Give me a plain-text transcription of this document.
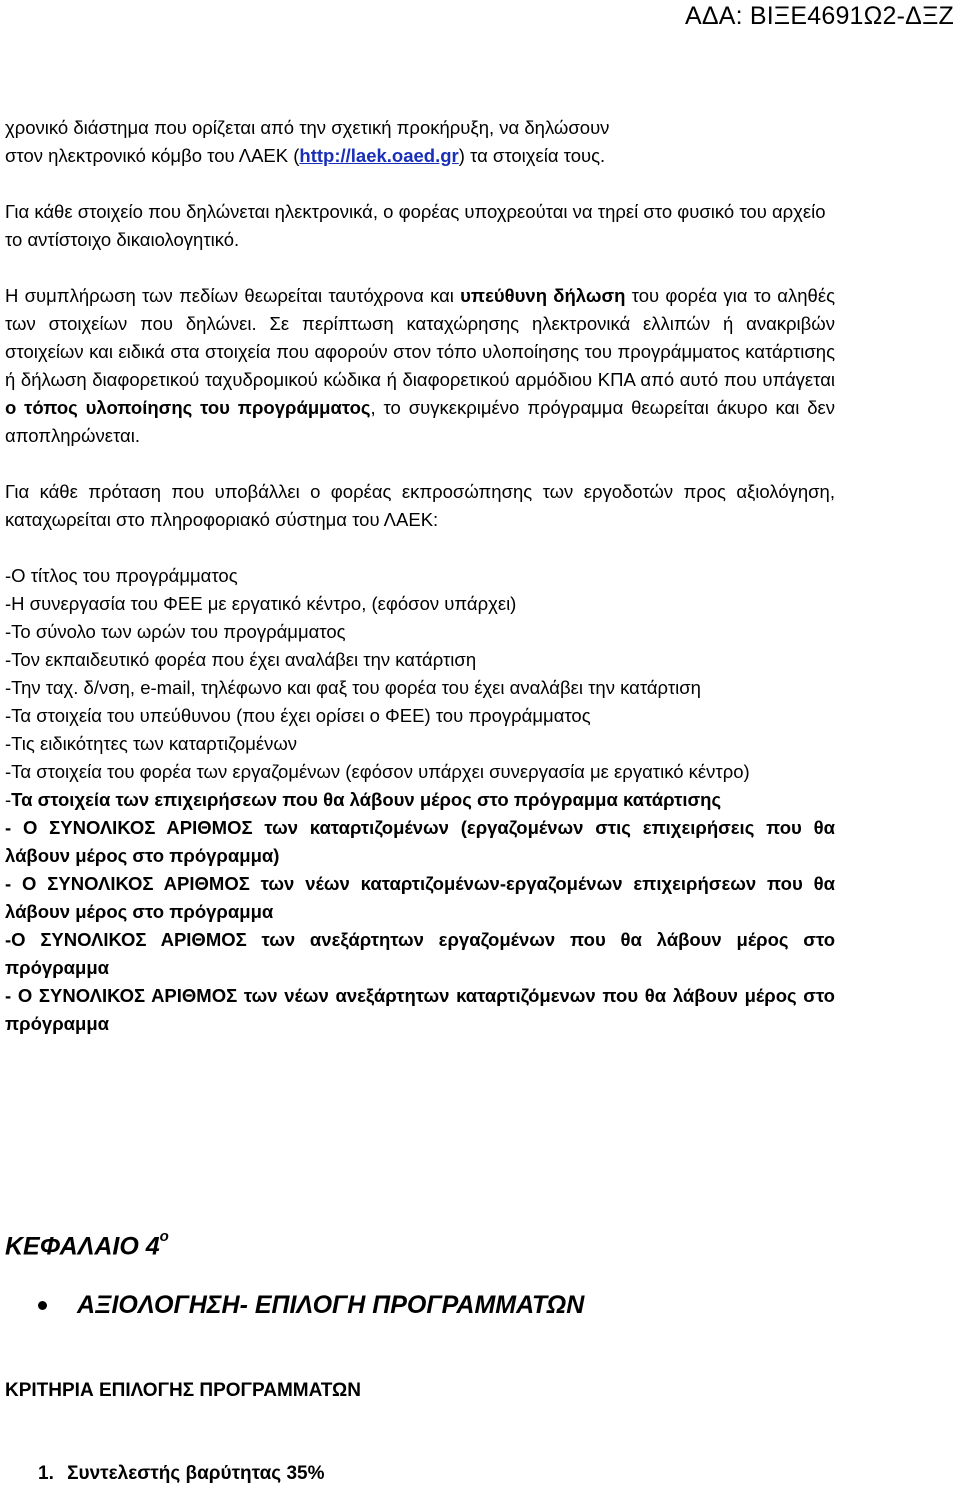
ΑΔΑ: ΒΙΞΕ4691Ω2-ΔΞΖ

χρονικό διάστημα που ορίζεται από την σχετική προκήρυξη, να δηλώσουν
στον ηλεκτρονικό κόμβο του ΛΑΕΚ (http://laek.oaed.gr) τα στοιχεία τους.

Για κάθε στοιχείο που δηλώνεται ηλεκτρονικά, ο φορέας υποχρεούται να τηρεί στο φυσικό του αρχείο το αντίστοιχο δικαιολογητικό.

Η συμπλήρωση των πεδίων θεωρείται ταυτόχρονα και υπεύθυνη δήλωση του φορέα για το αληθές των στοιχείων που δηλώνει. Σε περίπτωση καταχώρησης ηλεκτρονικά ελλιπών ή ανακριβών στοιχείων και ειδικά στα στοιχεία που αφορούν στον τόπο υλοποίησης του προγράμματος κατάρτισης ή δήλωση διαφορετικού ταχυδρομικού κώδικα ή διαφορετικού αρμόδιου ΚΠΑ από αυτό που υπάγεται ο τόπος υλοποίησης του προγράμματος, το συγκεκριμένο πρόγραμμα θεωρείται άκυρο και δεν αποπληρώνεται.

Για κάθε πρόταση που υποβάλλει ο φορέας εκπροσώπησης των εργοδοτών προς αξιολόγηση, καταχωρείται στο πληροφοριακό σύστημα του ΛΑΕΚ:

-Ο τίτλος του προγράμματος

-Η συνεργασία του ΦΕΕ με εργατικό κέντρο, (εφόσον υπάρχει)

-Το σύνολο των ωρών του προγράμματος

-Τον εκπαιδευτικό φορέα που έχει αναλάβει την κατάρτιση

-Την ταχ. δ/νση, e-mail, τηλέφωνο και φαξ του φορέα του έχει αναλάβει την κατάρτιση

-Τα στοιχεία του υπεύθυνου (που έχει ορίσει ο ΦΕΕ) του προγράμματος

-Τις ειδικότητες των καταρτιζομένων

-Τα στοιχεία του φορέα των εργαζομένων (εφόσον υπάρχει συνεργασία με εργατικό κέντρο)

-Τα στοιχεία των επιχειρήσεων που θα λάβουν μέρος στο πρόγραμμα κατάρτισης

- Ο ΣΥΝΟΛΙΚΟΣ ΑΡΙΘΜΟΣ των καταρτιζομένων (εργαζομένων στις επιχειρήσεις που θα λάβουν μέρος στο πρόγραμμα)

- Ο ΣΥΝΟΛΙΚΟΣ ΑΡΙΘΜΟΣ των νέων καταρτιζομένων-εργαζομένων επιχειρήσεων που θα λάβουν μέρος στο πρόγραμμα

-Ο ΣΥΝΟΛΙΚΟΣ ΑΡΙΘΜΟΣ των ανεξάρτητων εργαζομένων που θα λάβουν μέρος στο πρόγραμμα

- Ο ΣΥΝΟΛΙΚΟΣ ΑΡΙΘΜΟΣ των νέων ανεξάρτητων καταρτιζόμενων που θα λάβουν μέρος στο πρόγραμμα

ΚΕΦΑΛΑΙΟ $4^o$
ΑΞΙΟΛΟΓΗΣΗ- ΕΠΙΛΟΓΗ ΠΡΟΓΡΑΜΜΑΤΩΝ
ΚΡΙΤΗΡΙΑ ΕΠΙΛΟΓΗΣ ΠΡΟΓΡΑΜΜΑΤΩΝ
1. Συντελεστής βαρύτητας 35%
